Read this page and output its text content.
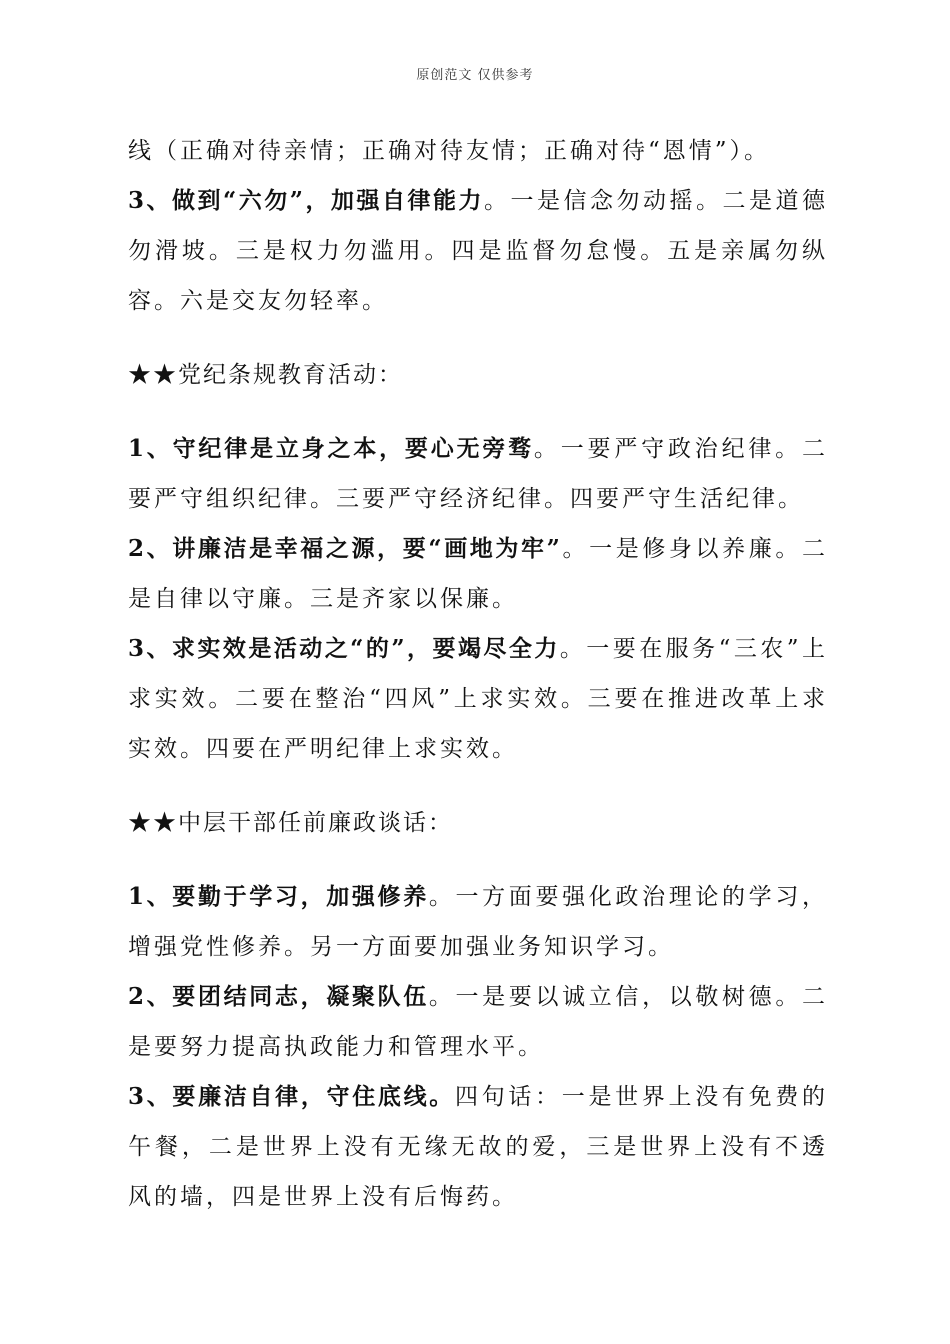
原创范文 仅供参考

线（正确对待亲情；正确对待友情；正确对待“恩情”）。

3、做到“六勿”，加强自律能力。一是信念勿动摇。二是道德勿滑坡。三是权力勿滥用。四是监督勿怠慢。五是亲属勿纵容。六是交友勿轻率。

★★党纪条规教育活动：

1、守纪律是立身之本，要心无旁骛。一要严守政治纪律。二要严守组织纪律。三要严守经济纪律。四要严守生活纪律。

2、讲廉洁是幸福之源，要“画地为牢”。一是修身以养廉。二是自律以守廉。三是齐家以保廉。

3、求实效是活动之“的”，要竭尽全力。一要在服务“三农”上求实效。二要在整治“四风”上求实效。三要在推进改革上求实效。四要在严明纪律上求实效。

★★中层干部任前廉政谈话：

1、要勤于学习，加强修养。一方面要强化政治理论的学习，增强党性修养。另一方面要加强业务知识学习。

2、要团结同志，凝聚队伍。一是要以诚立信，以敬树德。二是要努力提高执政能力和管理水平。

3、要廉洁自律，守住底线。四句话：一是世界上没有免费的午餐，二是世界上没有无缘无故的爱，三是世界上没有不透风的墙，四是世界上没有后悔药。
